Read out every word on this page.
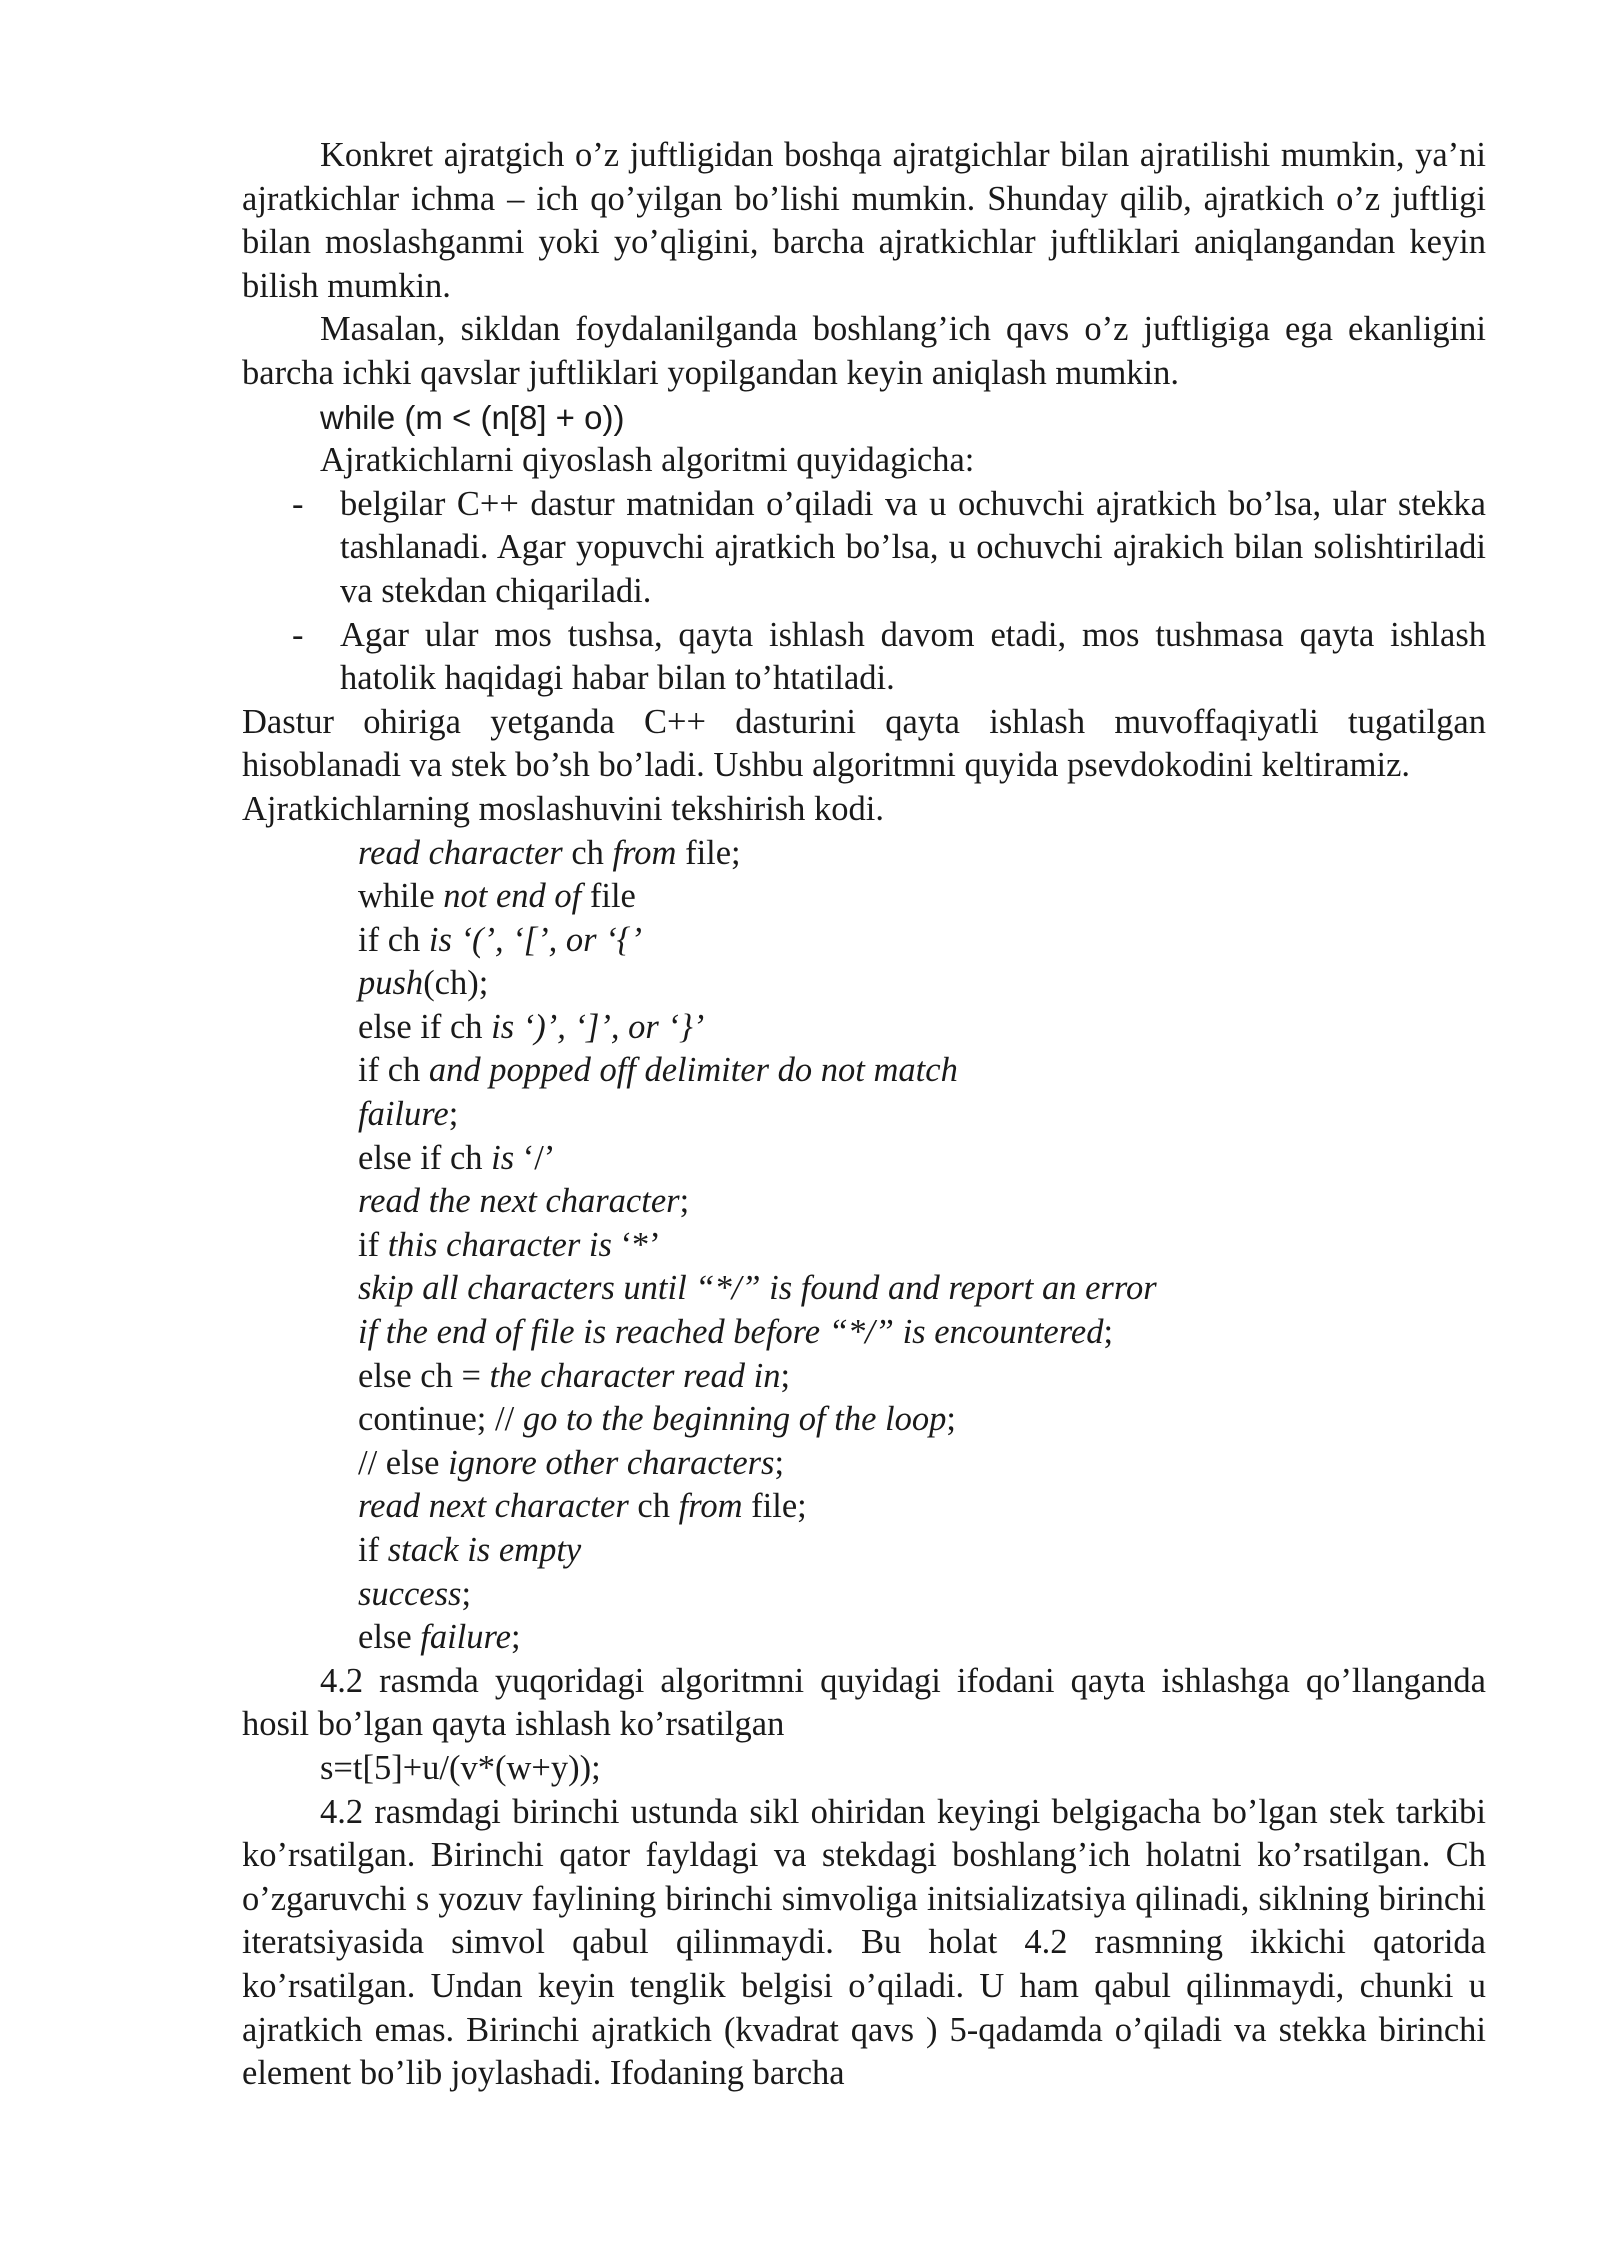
Konkret ajratgich o’z juftligidan boshqa ajratgichlar bilan ajratilishi mumkin, ya’ni ajratkichlar ichma – ich qo’yilgan bo’lishi mumkin. Shunday qilib, ajratkich o’z juftligi bilan moslashganmi yoki yo’qligini, barcha ajratkichlar juftliklari aniqlangandan keyin bilish mumkin.

Masalan, sikldan foydalanilganda boshlang’ich qavs o’z juftligiga ega ekanligini barcha ichki qavslar juftliklari yopilgandan keyin aniqlash mumkin.

while (m < (n[8] + o))
Ajratkichlarni qiyoslash algoritmi quyidagicha:
- belgilar C++ dastur matnidan o’qiladi va u ochuvchi ajratkich bo’lsa, ular stekka tashlanadi. Agar yopuvchi ajratkich bo’lsa, u ochuvchi ajrakich bilan solishtiriladi va stekdan chiqariladi.
- Agar ular mos tushsa, qayta ishlash davom etadi, mos tushmasa qayta ishlash hatolik haqidagi habar bilan to’htatiladi.

Dastur ohiriga yetganda C++ dasturini qayta ishlash muvoffaqiyatli tugatilgan hisoblanadi va stek bo’sh bo’ladi. Ushbu algoritmni quyida psevdokodini keltiramiz.

Ajratkichlarning moslashuvini tekshirish kodi.
read character ch from file;
while not end of file
if ch is ‘(’, ‘[’, or ‘{’
push(ch);
else if ch is ‘)’, ‘]’, or ‘}’
if ch and popped off delimiter do not match
failure;
else if ch is ‘/’
read the next character;
if this character is ‘*’
skip all characters until “*/” is found and report an error
if the end of file is reached before “*/” is encountered;
else ch = the character read in;
continue; // go to the beginning of the loop;
// else ignore other characters;
read next character ch from file;
if stack is empty
success;
else failure;

4.2 rasmda yuqoridagi algoritmni quyidagi ifodani qayta ishlashga qo’llanganda hosil bo’lgan qayta ishlash ko’rsatilgan

s=t[5]+u/(v*(w+y));

4.2 rasmdagi birinchi ustunda sikl ohiridan keyingi belgigacha bo’lgan stek tarkibi ko’rsatilgan. Birinchi qator fayldagi va stekdagi boshlang’ich holatni ko’rsatilgan. Ch o’zgaruvchi s yozuv faylining birinchi simvoliga initsializatsiya qilinadi, siklning birinchi iteratsiyasida simvol qabul qilinmaydi. Bu holat 4.2 rasmning ikkichi qatorida ko’rsatilgan. Undan keyin tenglik belgisi o’qiladi. U ham qabul qilinmaydi, chunki u ajratkich emas. Birinchi ajratkich (kvadrat qavs ) 5-qadamda o’qiladi va stekka birinchi element bo’lib joylashadi. Ifodaning barcha
